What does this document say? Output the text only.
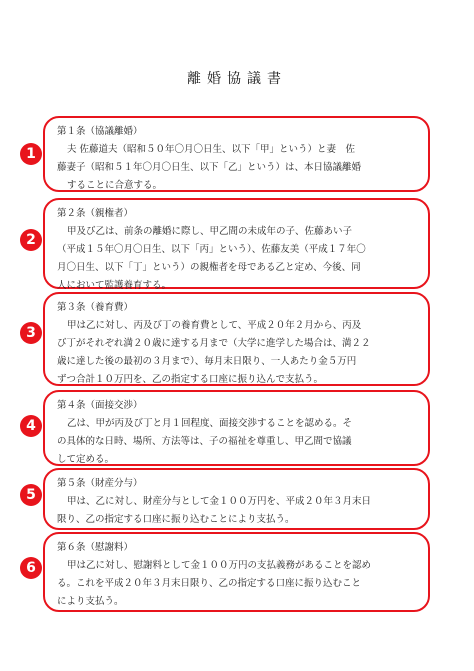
離婚協議書
1
第１条（協議離婚）
夫 佐藤道夫（昭和５０年〇月〇日生、以下「甲」という）と妻　佐
藤妻子（昭和５１年〇月〇日生、以下「乙」という）は、本日協議離婚
することに合意する。
2
第２条（親権者）
甲及び乙は、前条の離婚に際し、甲乙間の未成年の子、佐藤あい子
（平成１５年〇月〇日生、以下「丙」という）、佐藤友美（平成１７年〇
月〇日生、以下「丁」という）の親権者を母である乙と定め、今後、同
人において監護養育する。
3
第３条（養育費）
甲は乙に対し、丙及び丁の養育費として、平成２０年２月から、丙及
び丁がそれぞれ満２０歳に達する月まで（大学に進学した場合は、満２２
歳に達した後の最初の３月まで）、毎月末日限り、一人あたり金５万円
ずつ合計１０万円を、乙の指定する口座に振り込んで支払う。
4
第４条（面接交渉）
乙は、甲が丙及び丁と月１回程度、面接交渉することを認める。そ
の具体的な日時、場所、方法等は、子の福祉を尊重し、甲乙間で協議
して定める。
5
第５条（財産分与）
甲は、乙に対し、財産分与として金１００万円を、平成２０年３月末日
限り、乙の指定する口座に振り込むことにより支払う。
6
第６条（慰謝料）
甲は乙に対し、慰謝料として金１００万円の支払義務があることを認め
る。これを平成２０年３月末日限り、乙の指定する口座に振り込むこと
により支払う。
